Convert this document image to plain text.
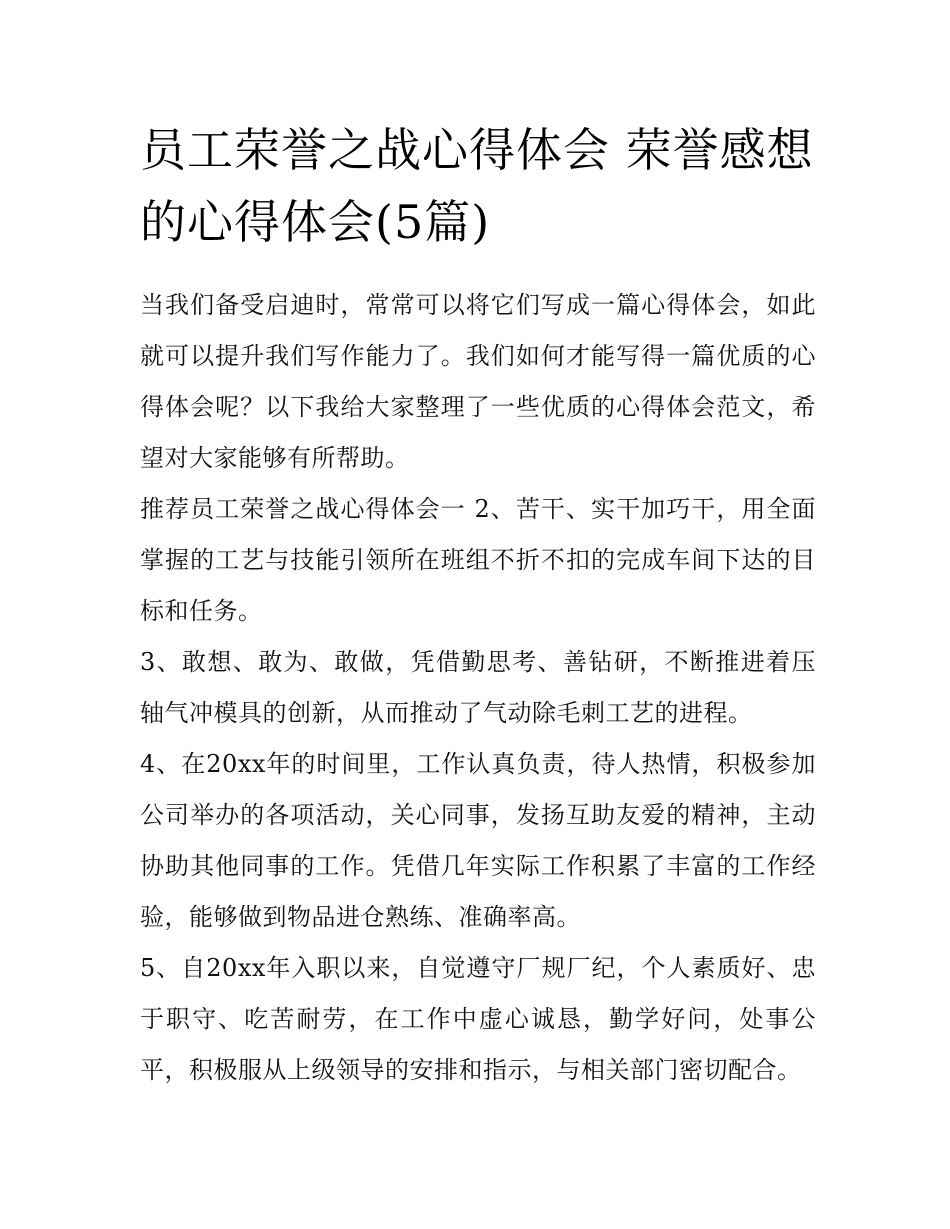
员工荣誉之战心得体会 荣誉感想的心得体会(5篇)

当我们备受启迪时，常常可以将它们写成一篇心得体会，如此就可以提升我们写作能力了。我们如何才能写得一篇优质的心得体会呢？以下我给大家整理了一些优质的心得体会范文，希望对大家能够有所帮助。

推荐员工荣誉之战心得体会一 2、苦干、实干加巧干，用全面掌握的工艺与技能引领所在班组不折不扣的完成车间下达的目标和任务。

3、敢想、敢为、敢做，凭借勤思考、善钻研，不断推进着压轴气冲模具的创新，从而推动了气动除毛刺工艺的进程。

4、在20xx年的时间里，工作认真负责，待人热情，积极参加公司举办的各项活动，关心同事，发扬互助友爱的精神，主动协助其他同事的工作。凭借几年实际工作积累了丰富的工作经验，能够做到物品进仓熟练、准确率高。

5、自20xx年入职以来，自觉遵守厂规厂纪，个人素质好、忠于职守、吃苦耐劳，在工作中虚心诚恳，勤学好问，处事公平，积极服从上级领导的安排和指示，与相关部门密切配合。
